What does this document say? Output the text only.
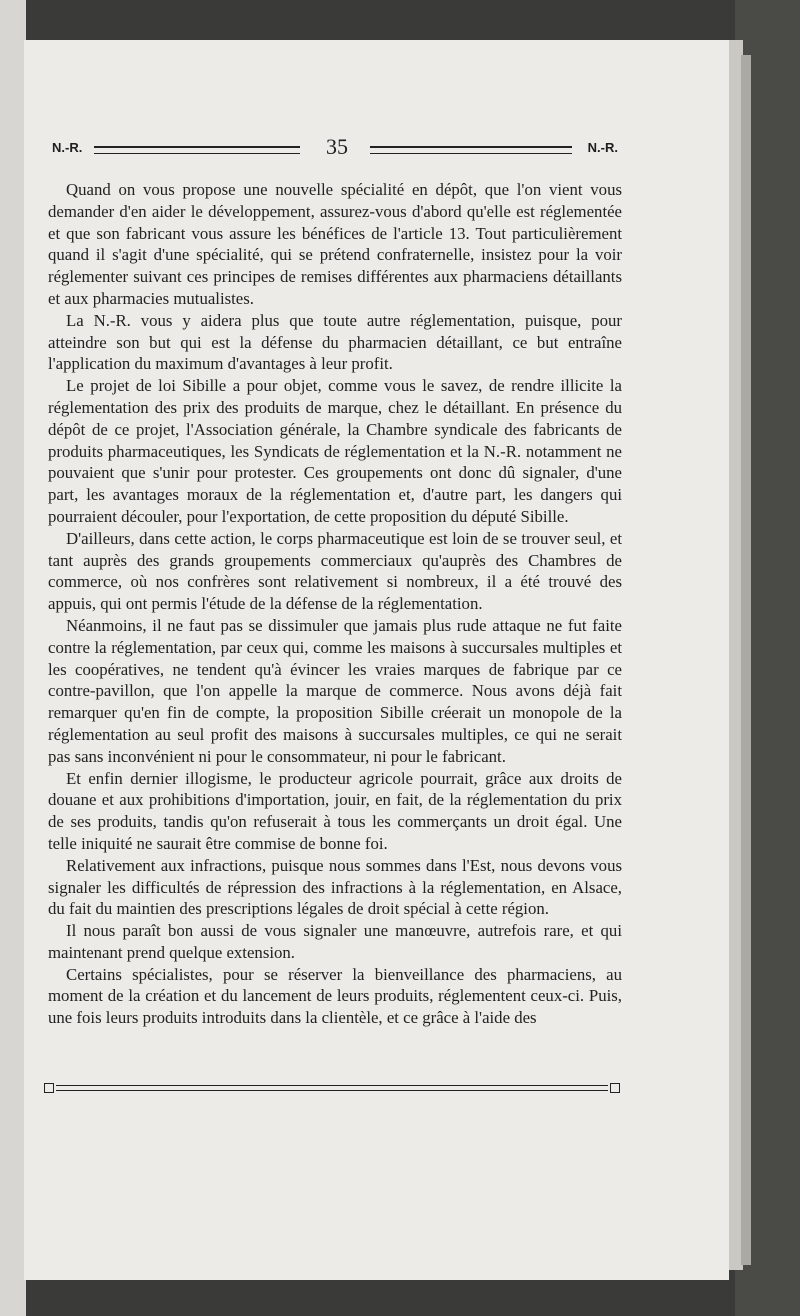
N.-R.	35	N.-R.

Quand on vous propose une nouvelle spécialité en dépôt, que l'on vient vous demander d'en aider le développement, assurez-vous d'abord qu'elle est réglementée et que son fabricant vous assure les bénéfices de l'article 13. Tout particulièrement quand il s'agit d'une spécialité, qui se prétend confraternelle, insistez pour la voir réglementer suivant ces principes de remises différentes aux pharmaciens détaillants et aux pharmacies mutualistes.

La N.-R. vous y aidera plus que toute autre réglementation, puisque, pour atteindre son but qui est la défense du pharmacien détaillant, ce but entraîne l'application du maximum d'avantages à leur profit.

Le projet de loi Sibille a pour objet, comme vous le savez, de rendre illicite la réglementation des prix des produits de marque, chez le détaillant. En présence du dépôt de ce projet, l'Association générale, la Chambre syndicale des fabricants de produits pharmaceutiques, les Syndicats de réglementation et la N.-R. notamment ne pouvaient que s'unir pour protester. Ces groupements ont donc dû signaler, d'une part, les avantages moraux de la réglementation et, d'autre part, les dangers qui pourraient découler, pour l'exportation, de cette proposition du député Sibille.

D'ailleurs, dans cette action, le corps pharmaceutique est loin de se trouver seul, et tant auprès des grands groupements commerciaux qu'auprès des Chambres de commerce, où nos confrères sont relativement si nombreux, il a été trouvé des appuis, qui ont permis l'étude de la défense de la réglementation.

Néanmoins, il ne faut pas se dissimuler que jamais plus rude attaque ne fut faite contre la réglementation, par ceux qui, comme les maisons à succursales multiples et les coopératives, ne tendent qu'à évincer les vraies marques de fabrique par ce contre-pavillon, que l'on appelle la marque de commerce. Nous avons déjà fait remarquer qu'en fin de compte, la proposition Sibille créerait un monopole de la réglementation au seul profit des maisons à succursales multiples, ce qui ne serait pas sans inconvénient ni pour le consommateur, ni pour le fabricant.

Et enfin dernier illogisme, le producteur agricole pourrait, grâce aux droits de douane et aux prohibitions d'importation, jouir, en fait, de la réglementation du prix de ses produits, tandis qu'on refuserait à tous les commerçants un droit égal. Une telle iniquité ne saurait être commise de bonne foi.

Relativement aux infractions, puisque nous sommes dans l'Est, nous devons vous signaler les difficultés de répression des infractions à la réglementation, en Alsace, du fait du maintien des prescriptions légales de droit spécial à cette région.

Il nous paraît bon aussi de vous signaler une manœuvre, autrefois rare, et qui maintenant prend quelque extension.

Certains spécialistes, pour se réserver la bienveillance des pharmaciens, au moment de la création et du lancement de leurs produits, réglementent ceux-ci. Puis, une fois leurs produits introduits dans la clientèle, et ce grâce à l'aide des
